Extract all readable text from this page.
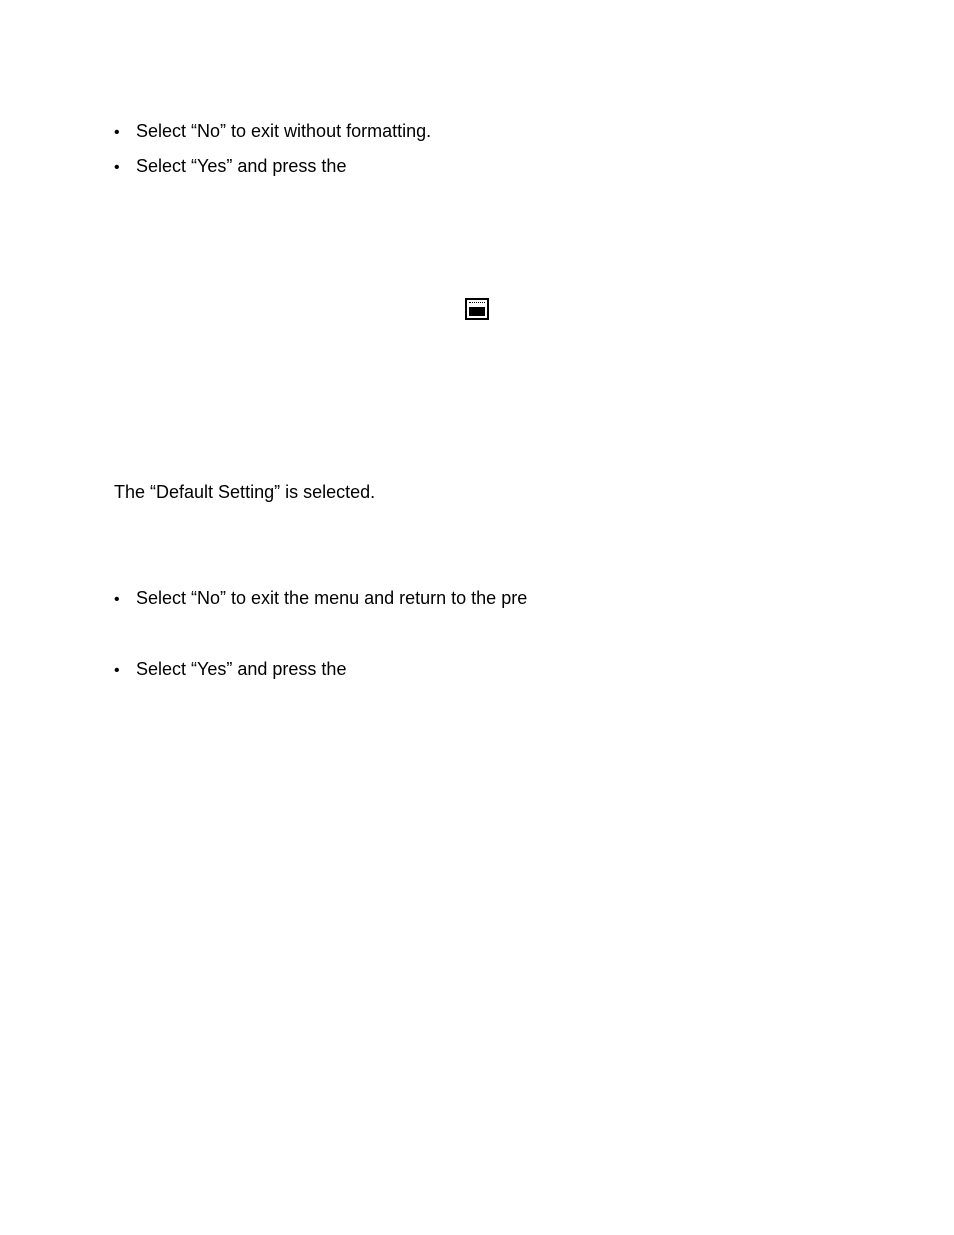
• Select “No” to exit without formatting.
• Select “Yes” and press the
The “Default Setting” is selected.
• Select “No” to exit the menu and return to the pre
• Select “Yes” and press the
